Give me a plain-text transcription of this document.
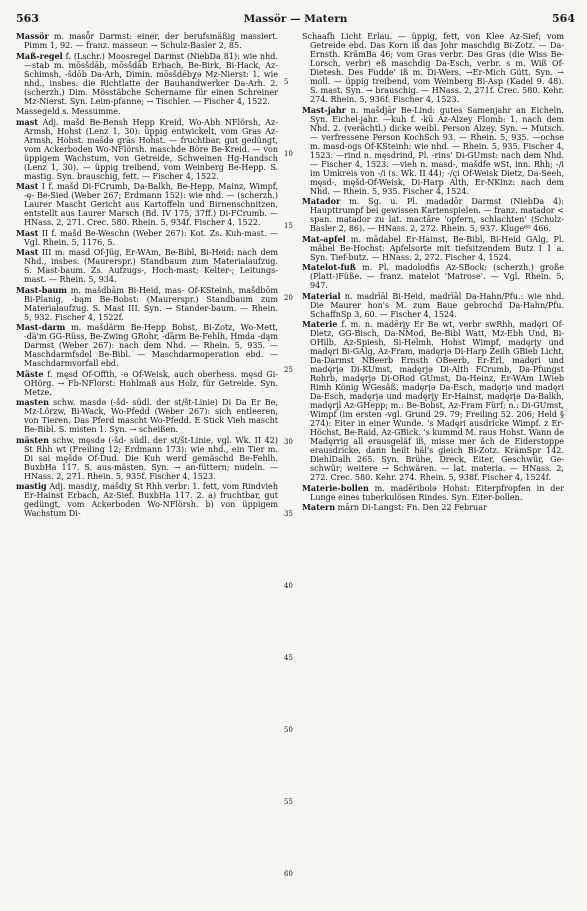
563	Massör — Matern	564

Massör m. masȫr Darmst: einer, der berufsmäßig massiert. Pimm 1, 92. — franz. masseur. → Schulz-Basler 2, 85.

Maß-regel f. (Lschr.) Moosregel Darmst (NiebDa 81): wie nhd. —stab m. mōsšdāb, mōsšdāb Erbach, Be-Birk, Bi-Hack, Az-Schimsh, -šdōb Da-Arh, Dimin. mōsšdȇbχə Mz-Nierst: 1. wie nhd., insbes. die Richtlatte der Bauhandwerker Da-Arh. 2. (scherzh.) Dim. Mösstäbche Schername für einen Schreiner Mz-Nierst. Syn. Leim-pfanne; → Tischler. — Fischer 4, 1522.

Massegeld s. Messumme.

mast Adj. mašd Be-Bensh Hepp Kreid, Wo-Abh NFlörsh, Az-Armsh, Hohst (Lenz 1, 30): üppig entwickelt, vom Gras Az-Armsh, Hohst. mašdə grās Hohst. — fruchtbar, gut gedüngt, vom Ackerboden Wo-NFlörsh. maschde Böre Be-Kreid. — von üppigem Wachstum, von Getreide, Schweinen Hg-Handsch (Lenz 1, 30). — üppig treibend, vom Weinberg Be-Hepp. S. mastig. Syn. brauschig, fett. — Fischer 4, 1522.

Mast I f. mašd Di-FCrumb, Da-Balkh, Be-Hepp, Mainz, Wimpf, -ę- Be-Sied (Weber 267; Erdmann 152): wie nhd. — (scherzh.) Laurer Mascht Gericht aus Kartoffeln und Birnenschnitzen, entstellt aus Laurer Marsch (Bd. IV 175, 37ff.) Di-FCrumb. — HNass. 2, 271. Crec. 580. Rhein. 5, 934f. Fischer 4, 1522.

Mast II f. mašd Be-Weschn (Weber 267): Kot. Zs. Kuh-mast. — Vgl. Rhein. 5, 1176, 5.

Mast III m. masd Of-Jüg, Er-WAm, Be-Bibl, Bi-Heid: nach dem Nhd., insbes. (Maurerspr.) Standbaum zum Materialaufzug. S. Mast-baum. Zs. Aufzugs-, Hoch-mast; Kelter-; Leitungs-mast. — Rhein. 5, 934.

Mast-baum m. mašdbām Bi-Heid, mas- Of-KSteinh, mašdbōm Bi-Planig, -bąm Be-Bobst: (Maurerspr.) Standbaum zum Materialaufzug. S. Mast III. Syn. → Stander-baum. — Rhein. 5, 932. Fischer 4, 1522f.

Mast-darm m. mašdärm Be-Hepp Bobst, Bi-Zotz, Wo-Mett, -ďȧ'm GG-Rüss, Be-Zwing GRohr, -ďārm Be-Fehlh, Hmda -dąm Darmst (Weber 267): nach dem Nhd. — Rhein. 5, 935. — Maschdarmfsdel Be-Bibl. — Maschdarmoperation ebd. — Maschdarmvorfall ebd.

Mäste f. męsd Of-Offth, -ə Of-Weisk, auch oberhess. męsd Gi-OHörg. → Fb-NFlorst: Hohlmaß aus Holz, für Getreide. Syn. Metze.

masten schw. masdə (-šd- südl. der st/št-Linie) Di Da Er Be, Mz-Lörzw, Bi-Wack, Wo-Pfedd (Weber 267): sich entleeren, von Tieren. Das Pferd mascht Wo-Pfedd. E Stick Vieh mascht Be-Bibl. S. misten 1. Syn. → scheißen.

mästen schw. męsdə (-šd- südl. der st/št-Linie, vgl. Wk. II 42) St Rhh wt (Freiling 12; Erdmann 173): wie nhd., ein Tier m. Di sai męšdə Of-Dud. Die Kuh werd gemäschd Be-Fehlh. BuxbHa 117. S. aus-mästen. Syn. → an-füttern; nudeln. — HNass. 2, 271. Rhein. 5, 935f. Fischer 4, 1523.

mastig Adj. masdiχ, mašdiχ St Rhh verbr: 1. fett, vom Rindvieh Er-Hainst Erbach, Az-Sief. BuxbHa 117. 2. a) fruchtbar, gut gedüngt, vom Ackerboden Wo-NFlörsh. b) von üppigem Wachstum Di-

5
10
15
20
25
30
35
40
45
50
55
60

Schaafh Licht Erlau. — üppig, fett, von Klee Az-Sief; vom Getreide ebd. Das Korn iß das Johr maschdig Bi-Zotz. — Da-Ernsth. KrämBa 46; vom Gras verbr. Des Gras (die Wiss Be-Lorsch, verbr) eß maschdig Da-Esch, verbr. s m. Wiß Of-Dietesh. Des Fudde' iß m. Di-Wers, →Er-Mich Gütt. Syn. → moll. — üppig treibend, vom Weinberg Bi-Asp (Kadel 9. 48). S. mast. Syn. → brauschig. — HNass. 2, 271f. Crec. 580. Kehr. 274. Rhein. 5, 936f. Fischer 4, 1523.

Mast-jahr n. mašdjār Be-Lind: gutes Samenjahr an Eicheln. Syn. Eichel-jahr. —kuh f. -kū Az-Alzey Flomb: 1. nach dem Nhd. 2. (verächtl.) dicke weibl. Person Alzey. Syn. → Mutsch. — verfressene Person KochSch 93. — Rhein. 5, 935. —ochse m. masd-ogs Of-KSteinh: wie nhd. — Rhein. 5, 935. Fischer 4, 1523. —rind n. męsdrind, Pl. -rins' Di-GUmst: nach dem Nhd. — Fischer 4, 1523. —vieh n. masd-, mašdfe wSt, inn. Rhh; -/i im Umkreis von -/i (s. Wk. II 44); -/çi Of-Weisk Dietz, Da-Seeh, męsd-, męšd-Of-Weisk, Di-Harp Alth, Er-NKinz: nach dem Nhd. — Rhein. 5, 935. Fischer 4, 1524.

Matador m. Sg. u. Pl. madadōr Darmst (NiebDa 4): Haupttrumpf bei gewissen Kartenspielen. — franz. matador < span. matador zu lat. mactāre 'opfern, schlachten' (Schulz-Basler 2, 86). — HNass. 2, 272. Rhein. 5, 937. Kluge⁶⁰ 466.

Mat-apfel m. mādabel Er-Hainst, Be-Bibl, Bi-Heid GAlg, Pl. mäbel Be-Hochst: Apfelsorte mit tiefsitzendem Butz I 1 a. Syn. Tief-butz. — HNass. 2, 272. Fischer 4, 1524.

Matelot-fuß m. Pl. madolodfis Az-SBock: (scherzh.) große (Platt-)Füße. — franz. matelot 'Matrose'. — Vgl. Rhein. 5, 947.

Material n. madrīāl Bi-Heid, madrīāl Da-Hahn/Pfu.: wie nhd. Die Maurer hon's M. zum Baue gebrochd Da-Hahn/Pfu. SchaffnSp 3, 60. — Fischer 4, 1524.

Materie f. m. n. madērįy Er Be wt, verbr swRhh, madęri Of-Dietz, GG-Bisch, Da-NMod, Be-Bibl Watt, Mz-Ebh Und, Bi-OHilb, Az-Spiesh, Si-Helmh, Hohst Wimpf, madęrįy und madęri Bi-GAlg, Az-Fram, madęrįə Di-Harp Zeilh GBieb Licht, Da-Darmst NBeerb Ernsth OBeerb, Er-Erl, madęri und madęrįə Di-KUmst, madęrjə Di-Alth FCrumb, Da-Pfungst Rohrb, madęrjə Di-ORod GUmst, Da-Heinz, Er-WAm LWieb Rimh König WGesäß, madęrįə Da-Esch, madęrįə und madęri Da-Esch, madęrįə und madęrįy Er-Hainst, madęrįə Da-Balkh, madęrįl Az-GHepp; m.: Be-Bobst, Az-Fram Fürf; n.: Di-GUmst, Wimpf (im ersten -vgl. Grund 29. 79; Freiling 52. 206; Held § 274): Eiter in einer Wunde. 's Madęri ausdricke Wimpf. z Er-Höchst, Be-Raid, Az-GBick. 's kummd M. raus Hohst. Wann de Madęrrig all erausgeläf iß, misse mer ăch de Eiderstoppe erausdricke, dann heilt häl's gleich Bi-Zotz. KrämSpr 142. DiehlDalh 265. Syn. Brühe, Dreck, Eiter, Geschwür, Ge-schwür; weitere → Schwären. — lat. materia. — HNass. 2, 272. Crec. 580. Kehr. 274. Rhein. 5, 938f. Fischer 4, 1524f.

Materie-bollen m. madēribolə Hohst: Eiterpfropfen in der Lunge eines tuberkulösen Rindes. Syn. Eiter-bollen.

Matern mārn Di-Langst: Fn. Den 22 Februar
